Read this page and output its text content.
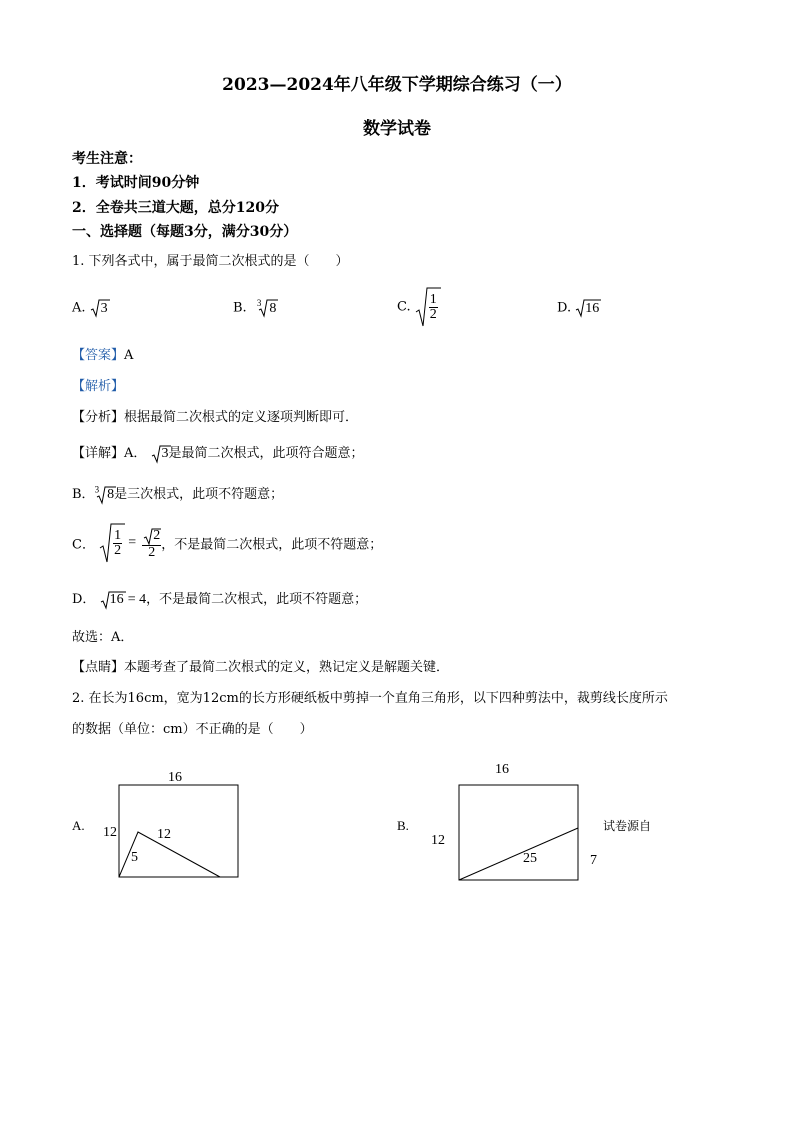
2023—2024年八年级下学期综合练习（一）
数学试卷
考生注意：
1．考试时间90分钟
2．全卷共三道大题，总分120分
一、选择题（每题3分，满分30分）
1. 下列各式中，属于最简二次根式的是（　　）
A. 3	B. $^3$ 8	C. $\frac{1}{2}$	D. 16
【答案】A
【解析】
【分析】根据最简二次根式的定义逐项判断即可．
【详解】A． 3是最简二次根式，此项符合题意；
B．$^3$ 8是三次根式，此项不符题意；
C． $\frac{1}{2} = \frac{2}{2}$ ，不是最简二次根式，此项不符题意；
D． 16 = 4，不是最简二次根式，此项不符题意；
故选：A．
【点睛】本题考查了最简二次根式的定义，熟记定义是解题关键．
2. 在长为16cm，宽为12cm的长方形硬纸板中剪掉一个直角三角形，以下四种剪法中，裁剪线长度所示
的数据（单位：cm）不正确的是（　　）
A.
16
12	12
5
B.
16
12
25	7
试卷源自
